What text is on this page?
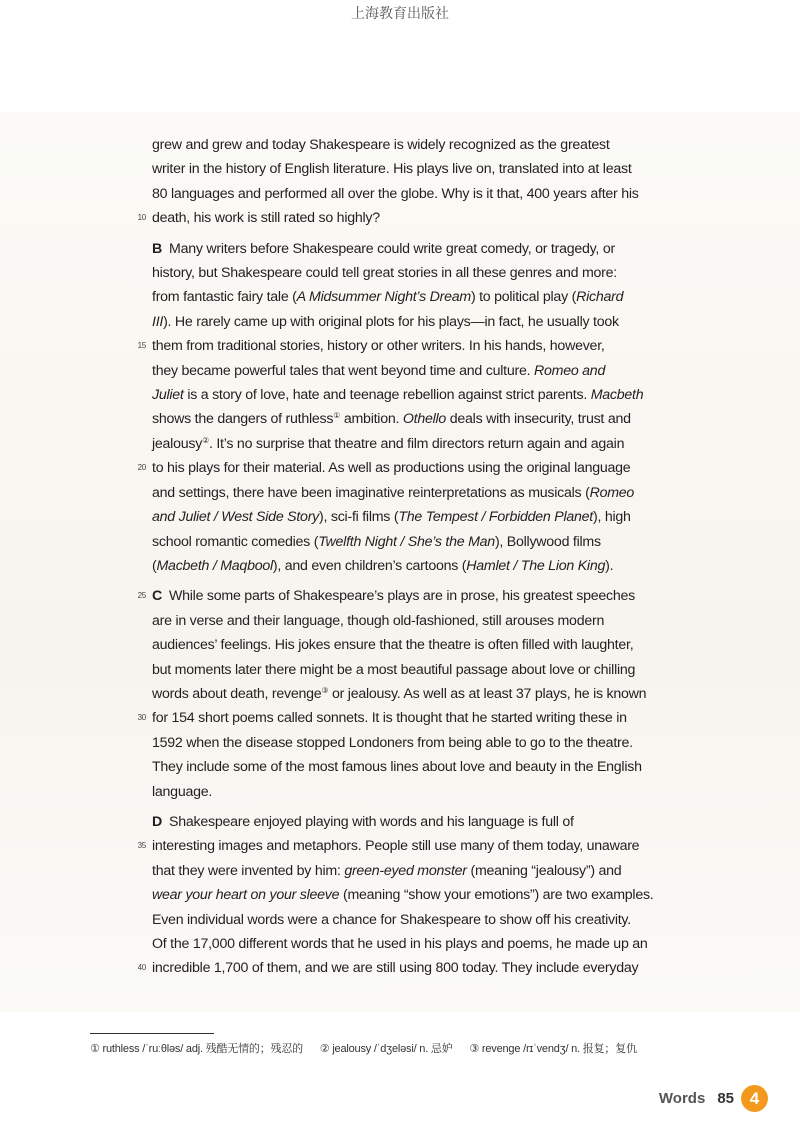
上海教育出版社

grew and grew and today Shakespeare is widely recognized as the greatest
writer in the history of English literature. His plays live on, translated into at least
80 languages and performed all over the globe. Why is it that, 400 years after his
10 death, his work is still rated so highly?

B Many writers before Shakespeare could write great comedy, or tragedy, or
history, but Shakespeare could tell great stories in all these genres and more:
from fantastic fairy tale (A Midsummer Night’s Dream) to political play (Richard
III). He rarely came up with original plots for his plays—in fact, he usually took
15 them from traditional stories, history or other writers. In his hands, however,
they became powerful tales that went beyond time and culture. Romeo and
Juliet is a story of love, hate and teenage rebellion against strict parents. Macbeth
shows the dangers of ruthless① ambition. Othello deals with insecurity, trust and
jealousy②. It’s no surprise that theatre and film directors return again and again
20 to his plays for their material. As well as productions using the original language
and settings, there have been imaginative reinterpretations as musicals (Romeo
and Juliet / West Side Story), sci-fi films (The Tempest / Forbidden Planet), high
school romantic comedies (Twelfth Night / She’s the Man), Bollywood films
(Macbeth / Maqbool), and even children’s cartoons (Hamlet / The Lion King).

25 C While some parts of Shakespeare’s plays are in prose, his greatest speeches
are in verse and their language, though old-fashioned, still arouses modern
audiences’ feelings. His jokes ensure that the theatre is often filled with laughter,
but moments later there might be a most beautiful passage about love or chilling
words about death, revenge③ or jealousy. As well as at least 37 plays, he is known
30 for 154 short poems called sonnets. It is thought that he started writing these in
1592 when the disease stopped Londoners from being able to go to the theatre.
They include some of the most famous lines about love and beauty in the English
language.

D Shakespeare enjoyed playing with words and his language is full of
35 interesting images and metaphors. People still use many of them today, unaware
that they were invented by him: green-eyed monster (meaning “jealousy”) and
wear your heart on your sleeve (meaning “show your emotions”) are two examples.
Even individual words were a chance for Shakespeare to show off his creativity.
Of the 17,000 different words that he used in his plays and poems, he made up an
40 incredible 1,700 of them, and we are still using 800 today. They include everyday

① ruthless /ˈruːθləs/ adj. 残酷无情的；残忍的 ② jealousy /ˈdʒeləsi/ n. 忌妒 ③ revenge /rɪˈvendʒ/ n. 报复；复仇
Words 85 4
